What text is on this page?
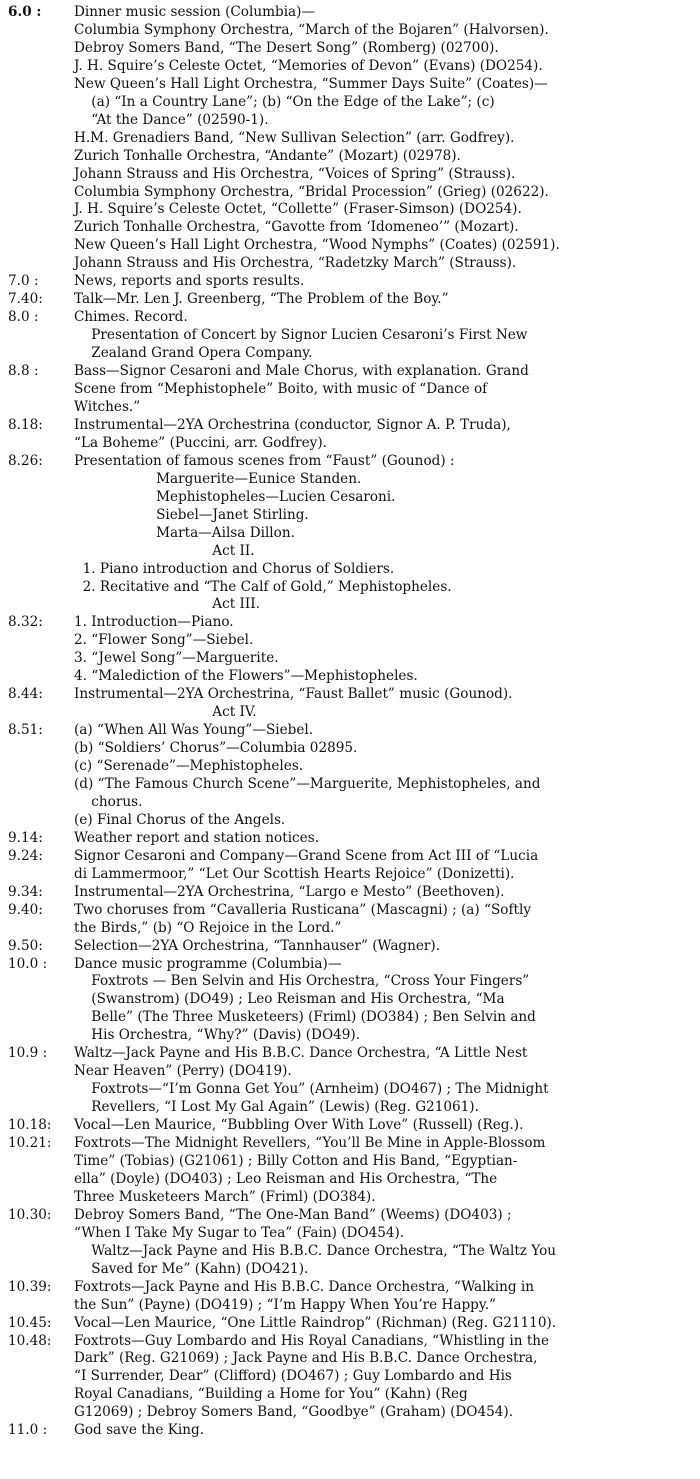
6.0 :	Dinner music session (Columbia)—
Columbia Symphony Orchestra, “March of the Bojaren” (Halvorsen).
Debroy Somers Band, “The Desert Song” (Romberg) (02700).
J. H. Squire’s Celeste Octet, “Memories of Devon” (Evans) (DO254).
New Queen’s Hall Light Orchestra, “Summer Days Suite” (Coates)—
(a) “In a Country Lane”; (b) “On the Edge of the Lake”; (c)
“At the Dance” (02590-1).
H.M. Grenadiers Band, “New Sullivan Selection” (arr. Godfrey).
Zurich Tonhalle Orchestra, “Andante” (Mozart) (02978).
Johann Strauss and His Orchestra, “Voices of Spring” (Strauss).
Columbia Symphony Orchestra, “Bridal Procession” (Grieg) (02622).
J. H. Squire’s Celeste Octet, “Collette” (Fraser-Simson) (DO254).
Zurich Tonhalle Orchestra, “Gavotte from ‘Idomeneo’” (Mozart).
New Queen’s Hall Light Orchestra, “Wood Nymphs” (Coates) (02591).
Johann Strauss and His Orchestra, “Radetzky March” (Strauss).
7.0 :	News, reports and sports results.
7.40:	Talk—Mr. Len J. Greenberg, “The Problem of the Boy.”
8.0 :	Chimes. Record.
Presentation of Concert by Signor Lucien Cesaroni’s First New
Zealand Grand Opera Company.
8.8 :	Bass—Signor Cesaroni and Male Chorus, with explanation. Grand
Scene from “Mephistophele” Boito, with music of “Dance of
Witches.”
8.18:	Instrumental—2YA Orchestrina (conductor, Signor A. P. Truda),
“La Boheme” (Puccini, arr. Godfrey).
8.26:	Presentation of famous scenes from “Faust” (Gounod) :
Marguerite—Eunice Standen.
Mephistopheles—Lucien Cesaroni.
Siebel—Janet Stirling.
Marta—Ailsa Dillon.
Act II.
1. Piano introduction and Chorus of Soldiers.
2. Recitative and “The Calf of Gold,” Mephistopheles.
Act III.
8.32:	1. Introduction—Piano.
2. “Flower Song”—Siebel.
3. “Jewel Song”—Marguerite.
4. “Malediction of the Flowers”—Mephistopheles.
8.44:	Instrumental—2YA Orchestrina, “Faust Ballet” music (Gounod).
Act IV.
8.51:	(a) “When All Was Young”—Siebel.
(b) “Soldiers’ Chorus”—Columbia 02895.
(c) “Serenade”—Mephistopheles.
(d) “The Famous Church Scene”—Marguerite, Mephistopheles, and
chorus.
(e) Final Chorus of the Angels.
9.14:	Weather report and station notices.
9.24:	Signor Cesaroni and Company—Grand Scene from Act III of “Lucia
di Lammermoor,” “Let Our Scottish Hearts Rejoice” (Donizetti).
9.34:	Instrumental—2YA Orchestrina, “Largo e Mesto” (Beethoven).
9.40:	Two choruses from “Cavalleria Rusticana” (Mascagni) ; (a) “Softly
the Birds,” (b) “O Rejoice in the Lord.”
9.50:	Selection—2YA Orchestrina, “Tannhauser” (Wagner).
10.0 :	Dance music programme (Columbia)—
Foxtrots — Ben Selvin and His Orchestra, “Cross Your Fingers”
(Swanstrom) (DO49) ; Leo Reisman and His Orchestra, “Ma
Belle” (The Three Musketeers) (Friml) (DO384) ; Ben Selvin and
His Orchestra, “Why?” (Davis) (DO49).
10.9 :	Waltz—Jack Payne and His B.B.C. Dance Orchestra, “A Little Nest
Near Heaven” (Perry) (DO419).
Foxtrots—“I’m Gonna Get You” (Arnheim) (DO467) ; The Midnight
Revellers, “I Lost My Gal Again” (Lewis) (Reg. G21061).
10.18:	Vocal—Len Maurice, “Bubbling Over With Love” (Russell) (Reg.).
10.21:	Foxtrots—The Midnight Revellers, “You’ll Be Mine in Apple-Blossom
Time” (Tobias) (G21061) ; Billy Cotton and His Band, “Egyptian-
ella” (Doyle) (DO403) ; Leo Reisman and His Orchestra, “The
Three Musketeers March” (Friml) (DO384).
10.30:	Debroy Somers Band, “The One-Man Band” (Weems) (DO403) ;
“When I Take My Sugar to Tea” (Fain) (DO454).
Waltz—Jack Payne and His B.B.C. Dance Orchestra, “The Waltz You
Saved for Me” (Kahn) (DO421).
10.39:	Foxtrots—Jack Payne and His B.B.C. Dance Orchestra, “Walking in
the Sun” (Payne) (DO419) ; “I’m Happy When You’re Happy.”
10.45:	Vocal—Len Maurice, “One Little Raindrop” (Richman) (Reg. G21110).
10.48:	Foxtrots—Guy Lombardo and His Royal Canadians, “Whistling in the
Dark” (Reg. G21069) ; Jack Payne and His B.B.C. Dance Orchestra,
“I Surrender, Dear” (Clifford) (DO467) ; Guy Lombardo and His
Royal Canadians, “Building a Home for You” (Kahn) (Reg
G12069) ; Debroy Somers Band, “Goodbye” (Graham) (DO454).
11.0 :	God save the King.
